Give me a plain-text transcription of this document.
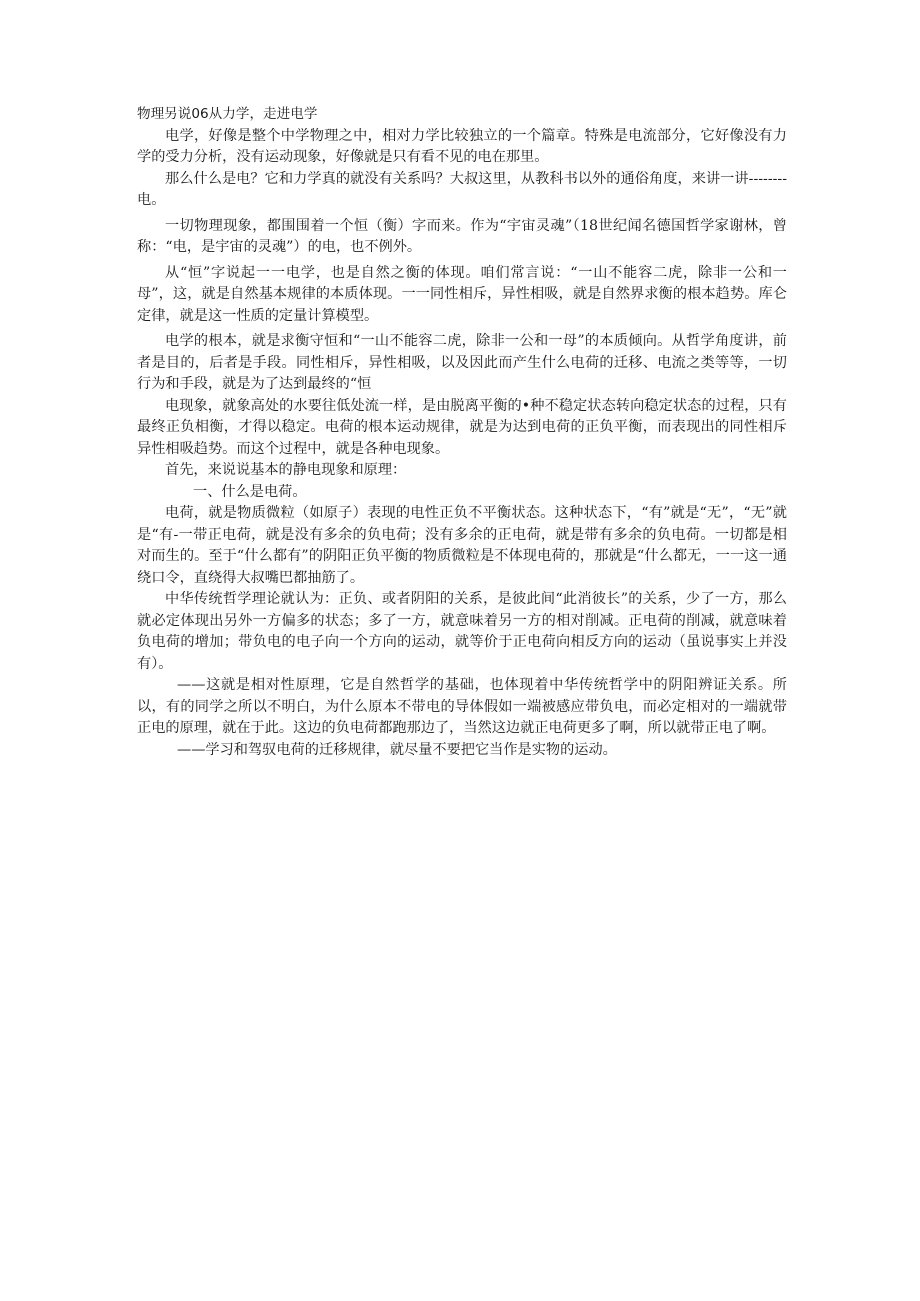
物理另说06从力学，走进电学

电学，好像是整个中学物理之中，相对力学比较独立的一个篇章。特殊是电流部分，它好像没有力学的受力分析，没有运动现象，好像就是只有看不见的电在那里。

那么什么是电？它和力学真的就没有关系吗？大叔这里，从教科书以外的通俗角度，来讲一讲--------电。

一切物理现象，都围围着一个恒（衡）字而来。作为“宇宙灵魂”（18世纪闻名德国哲学家谢林，曾称：“电，是宇宙的灵魂”）的电，也不例外。

从“恒”字说起一一电学，也是自然之衡的体现。咱们常言说：“一山不能容二虎，除非一公和一母”，这，就是自然基本规律的本质体现。一一同性相斥，异性相吸，就是自然界求衡的根本趋势。库仑定律，就是这一性质的定量计算模型。

电学的根本，就是求衡守恒和“一山不能容二虎，除非一公和一母”的本质倾向。从哲学角度讲，前者是目的，后者是手段。同性相斥，异性相吸，以及因此而产生什么电荷的迁移、电流之类等等，一切行为和手段，就是为了达到最终的“恒

电现象，就象高处的水要往低处流一样，是由脱离平衡的•种不稳定状态转向稳定状态的过程，只有最终正负相衡，才得以稳定。电荷的根本运动规律，就是为达到电荷的正负平衡，而表现出的同性相斥异性相吸趋势。而这个过程中，就是各种电现象。

首先，来说说基本的静电现象和原理：

一、什么是电荷。

电荷，就是物质微粒（如原子）表现的电性正负不平衡状态。这种状态下，“有”就是“无”，“无”就是“有-一带正电荷，就是没有多余的负电荷；没有多余的正电荷，就是带有多余的负电荷。一切都是相对而生的。至于“什么都有”的阴阳正负平衡的物质微粒是不体现电荷的，那就是“什么都无，一一这一通绕口令，直绕得大叔嘴巴都抽筋了。

中华传统哲学理论就认为：正负、或者阴阳的关系，是彼此间“此消彼长”的关系，少了一方，那么就必定体现出另外一方偏多的状态；多了一方，就意味着另一方的相对削减。正电荷的削减，就意味着负电荷的增加；带负电的电子向一个方向的运动，就等价于正电荷向相反方向的运动（虽说事实上并没有）。

——这就是相对性原理，它是自然哲学的基础，也体现着中华传统哲学中的阴阳辨证关系。所以，有的同学之所以不明白，为什么原本不带电的导体假如一端被感应带负电，而必定相对的一端就带正电的原理，就在于此。这边的负电荷都跑那边了，当然这边就正电荷更多了啊，所以就带正电了啊。

——学习和驾驭电荷的迁移规律，就尽量不要把它当作是实物的运动。
